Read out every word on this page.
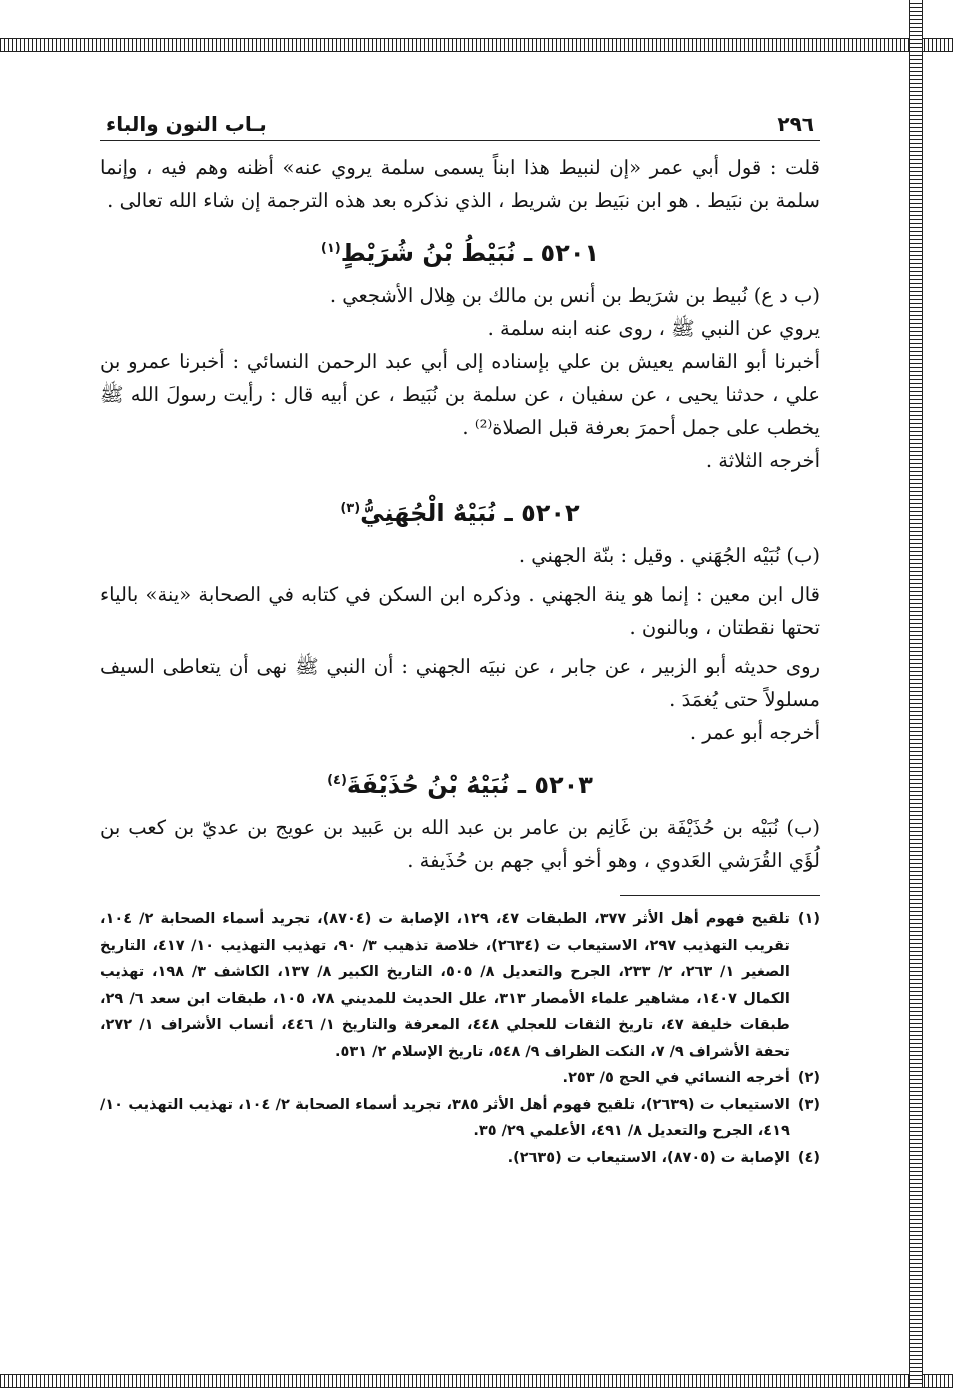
٢٩٦
بـاب النون والباء

قلت : قول أبي عمر «إن لنبيط هذا ابناً يسمى سلمة يروي عنه» أظنه وهم فيه ، وإنما سلمة بن نبَيط . هو ابن نبَيط بن شريط ، الذي نذكره بعد هذه الترجمة إن شاء الله تعالى .

٥٢٠١ ـ نُبَيْطُ بْنُ شُرَيْطٍ$^{(١)}$

(ب د ع) نُبيط بن شرَيط بن أنس بن مالك بن هِلال الأشجعي .

يروي عن النبي ﷺ ، روى عنه ابنه سلمة .

أخبرنا أبو القاسم يعيش بن علي بإسناده إلى أبي عبد الرحمن النسائي : أخبرنا عمرو بن علي ، حدثنا يحيى ، عن سفيان ، عن سلمة بن نُبَيط ، عن أبيه قال : رأيت رسولَ الله ﷺ يخطب على جمل أحمرَ بعرفة قبل الصلاة⁽²⁾ .

أخرجه الثلاثة .

٥٢٠٢ ـ نُبَيْهٌ الْجُهَنِيُّ$^{(٣)}$

(ب) نُبَيْه الجُهَني . وقيل : بنّة الجهني .

قال ابن معين : إنما هو ينة الجهني . وذكره ابن السكن في كتابه في الصحابة «ينة» بالياء تحتها نقطتان ، وبالنون .

روى حديثه أبو الزبير ، عن جابر ، عن نبيَه الجهني : أن النبي ﷺ نهى أن يتعاطى السيف مسلولاً حتى يُغمَدَ .

أخرجه أبو عمر .

٥٢٠٣ ـ نُبَيْهُ بْنُ حُذَيْفَةَ$^{(٤)}$

(ب) نُبَيْه بن حُذَيْفَة بن غَانِم بن عامر بن عبد الله بن عَبيد بن عويج بن عديّ بن كعب بن لُؤَي القُرَشي العَدوي ، وهو أخو أبي جهم بن حُذَيفة .

(١)
تلقيح فهوم أهل الأثر ٣٧٧، الطبقات ٤٧، ١٢٩، الإصابة ت (٨٧٠٤)، تجريد أسماء الصحابة ٢/ ١٠٤، تقريب التهذيب ٢٩٧، الاستيعاب ت (٢٦٣٤)، خلاصة تذهيب ٣/ ٩٠، تهذيب التهذيب ١٠/ ٤١٧، التاريخ الصغير ١/ ٢٦٣، ٢/ ٢٣٣، الجرح والتعديل ٨/ ٥٠٥، التاريخ الكبير ٨/ ١٣٧، الكاشف ٣/ ١٩٨، تهذيب الكمال ١٤٠٧، مشاهير علماء الأمصار ٣١٣، علل الحديث للمديني ٧٨، ١٠٥، طبقات ابن سعد ٦/ ٢٩، طبقات خليفة ٤٧، تاريخ الثقات للعجلي ٤٤٨، المعرفة والتاريخ ١/ ٤٤٦، أنساب الأشراف ١/ ٢٧٢، تحفة الأشراف ٩/ ٧، النكت الظراف ٩/ ٥٤٨، تاريخ الإسلام ٢/ ٥٣١.
(٢)
أخرجه النسائي في الحج ٥/ ٢٥٣.
(٣)
الاستيعاب ت (٢٦٣٩)، تلقيح فهوم أهل الأثر ٣٨٥، تجريد أسماء الصحابة ٢/ ١٠٤، تهذيب التهذيب ١٠/ ٤١٩، الجرح والتعديل ٨/ ٤٩١، الأعلمي ٢٩/ ٣٥.
(٤)
الإصابة ت (٨٧٠٥)، الاستيعاب ت (٢٦٣٥).
